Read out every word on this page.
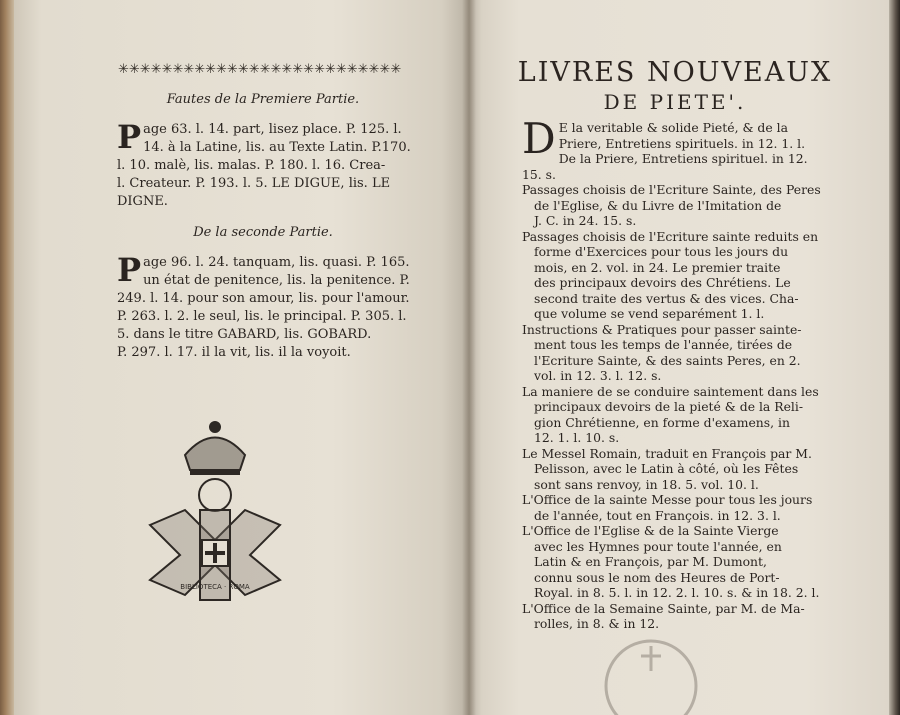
✳✳✳✳✳✳✳✳✳✳✳✳✳✳✳✳✳✳✳✳✳✳✳✳✳✳
Fautes de la Premiere Partie.
P age 63. l. 14. part, lisez place. P. 125. l.
14. à la Latine, lis. au Texte Latin. P.170.
l. 10. malè, lis. malas. P. 180. l. 16. Crea-
l. Createur. P. 193. l. 5. LE DIGUE, lis. LE
DIGNE.
De la seconde Partie.
P age 96. l. 24. tanquam, lis. quasi. P. 165.
un état de penitence, lis. la penitence. P.
249. l. 14. pour son amour, lis. pour l'amour.
P. 263. l. 2. le seul, lis. le principal. P. 305. l.
5. dans le titre GABARD, lis. GOBARD.
P. 297. l. 17. il la vit, lis. il la voyoit.
BIBLIOTECA · ROMA
LIVRES NOUVEAUX
DE PIETE'.
D E la veritable & solide Pieté, & de la
Priere, Entretiens spirituels. in 12. 1. l.
De la Priere, Entretiens spirituel. in 12. 15. s.
Passages choisis de l'Ecriture Sainte, des Peres
de l'Eglise, & du Livre de l'Imitation de
J. C. in 24. 15. s.
Passages choisis de l'Ecriture sainte reduits en
forme d'Exercices pour tous les jours du
mois, en 2. vol. in 24. Le premier traite
des principaux devoirs des Chrétiens. Le
second traite des vertus & des vices. Cha-
que volume se vend separément 1. l.
Instructions & Pratiques pour passer sainte-
ment tous les temps de l'année, tirées de
l'Ecriture Sainte, & des saints Peres, en 2.
vol. in 12. 3. l. 12. s.
La maniere de se conduire saintement dans les
principaux devoirs de la pieté & de la Reli-
gion Chrétienne, en forme d'examens, in
12. 1. l. 10. s.
Le Messel Romain, traduit en François par M.
Pelisson, avec le Latin à côté, où les Fêtes
sont sans renvoy, in 18. 5. vol. 10. l.
L'Office de la sainte Messe pour tous les jours
de l'année, tout en François. in 12. 3. l.
L'Office de l'Eglise & de la Sainte Vierge
avec les Hymnes pour toute l'année, en
Latin & en François, par M. Dumont,
connu sous le nom des Heures de Port-
Royal. in 8. 5. l. in 12. 2. l. 10. s. & in 18. 2. l.
L'Office de la Semaine Sainte, par M. de Ma-
rolles, in 8. & in 12.
